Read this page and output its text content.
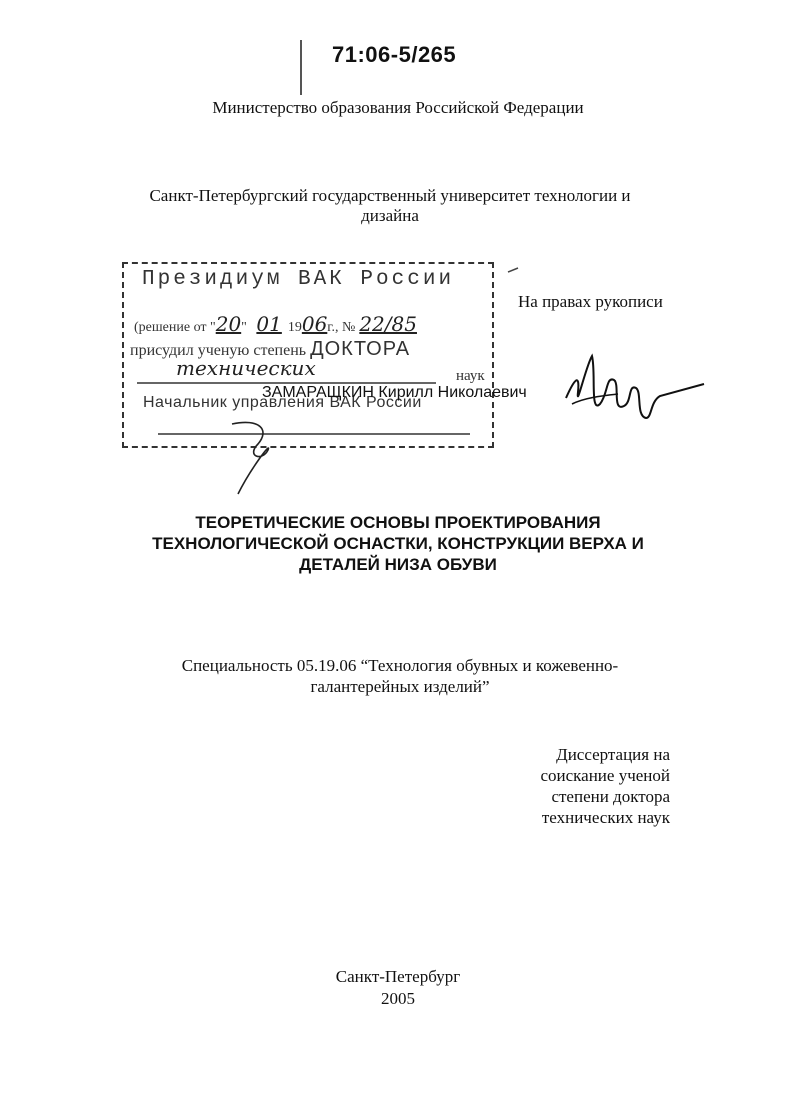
71:06-5/265
Министерство образования Российской Федерации
Санкт-Петербургский государственный университет технологии и
дизайна
На правах рукописи
Президиум ВАК России
(решение от "20" 01 1906г., № 22/85
присудил ученую степень ДОКТОРА
технических	наук
Начальник управления ВАК России
ЗАМАРАЩКИН Кирилл Николаевич
ТЕОРЕТИЧЕСКИЕ ОСНОВЫ ПРОЕКТИРОВАНИЯ
ТЕХНОЛОГИЧЕСКОЙ ОСНАСТКИ, КОНСТРУКЦИИ ВЕРХА И
ДЕТАЛЕЙ НИЗА ОБУВИ
Специальность 05.19.06 “Технология обувных и кожевенно-
галантерейных изделий”
Диссертация на
соискание ученой
степени доктора
технических наук
Санкт-Петербург
2005
